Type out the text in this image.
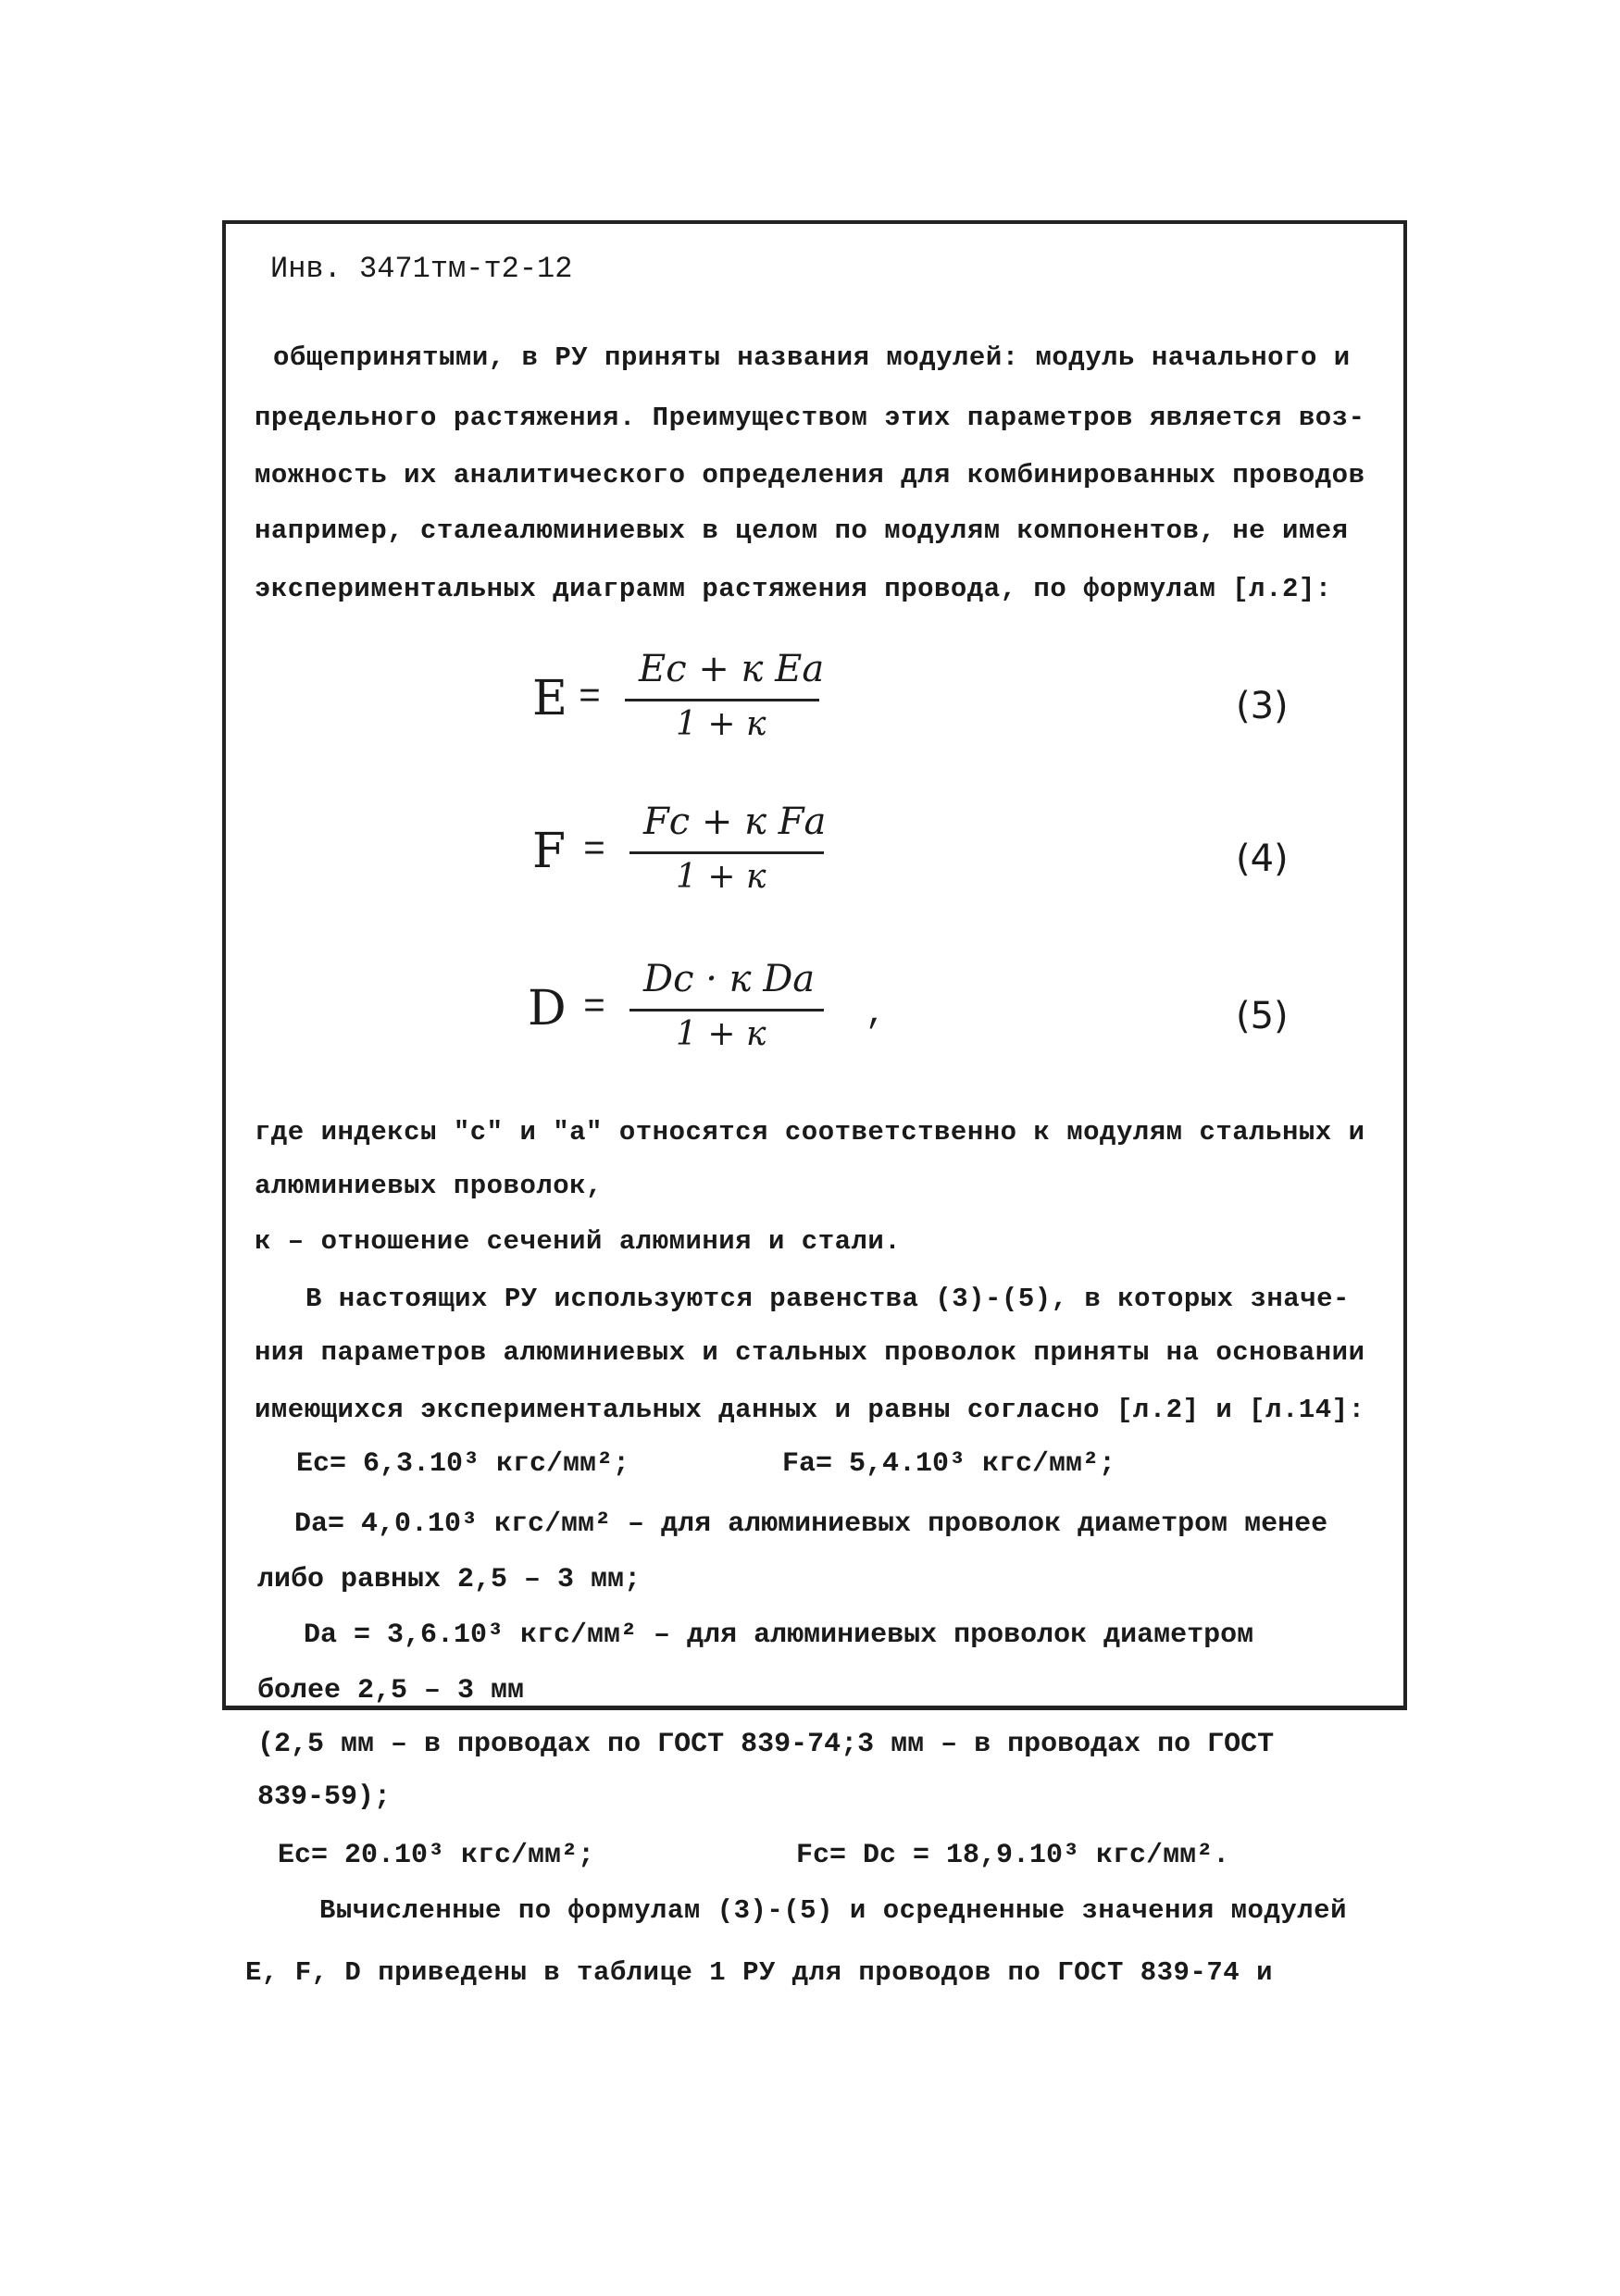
Инв. 3471тм-т2-12
общепринятыми, в РУ приняты названия модулей: модуль начального и
предельного растяжения. Преимуществом этих параметров является воз-
можность их аналитического определения для комбинированных проводов
например, сталеалюминиевых в целом по модулям компонентов, не имея
экспериментальных диаграмм растяжения провода, по формулам [л.2]:
E =
Eс + к Eа
1 + к	(3)
F =
Fс + к Fа
1 + к	(4)
D =
Dс · к Dа
1 + к
,	(5)
где индексы "с" и "а" относятся соответственно к модулям стальных и
алюминиевых проволок,
к – отношение сечений алюминия и стали.
В настоящих РУ используются равенства (3)-(5), в которых значе-
ния параметров алюминиевых и стальных проволок приняты на основании
имеющихся экспериментальных данных и равны согласно [л.2] и [л.14]:
Eс= 6,3.10³ кгс/мм²;	Fа= 5,4.10³ кгс/мм²;
Dа= 4,0.10³ кгс/мм² – для алюминиевых проволок диаметром менее
либо равных 2,5 – 3 мм;
Dа = 3,6.10³ кгс/мм² – для алюминиевых проволок диаметром
более 2,5 – 3 мм
(2,5 мм – в проводах по ГОСТ 839-74;3 мм – в проводах по ГОСТ
839-59);
Eс= 20.10³ кгс/мм²;	Fс= Dс = 18,9.10³ кгс/мм².
Вычисленные по формулам (3)-(5) и осредненные значения модулей
E, F, D приведены в таблице 1 РУ для проводов по ГОСТ 839-74 и
